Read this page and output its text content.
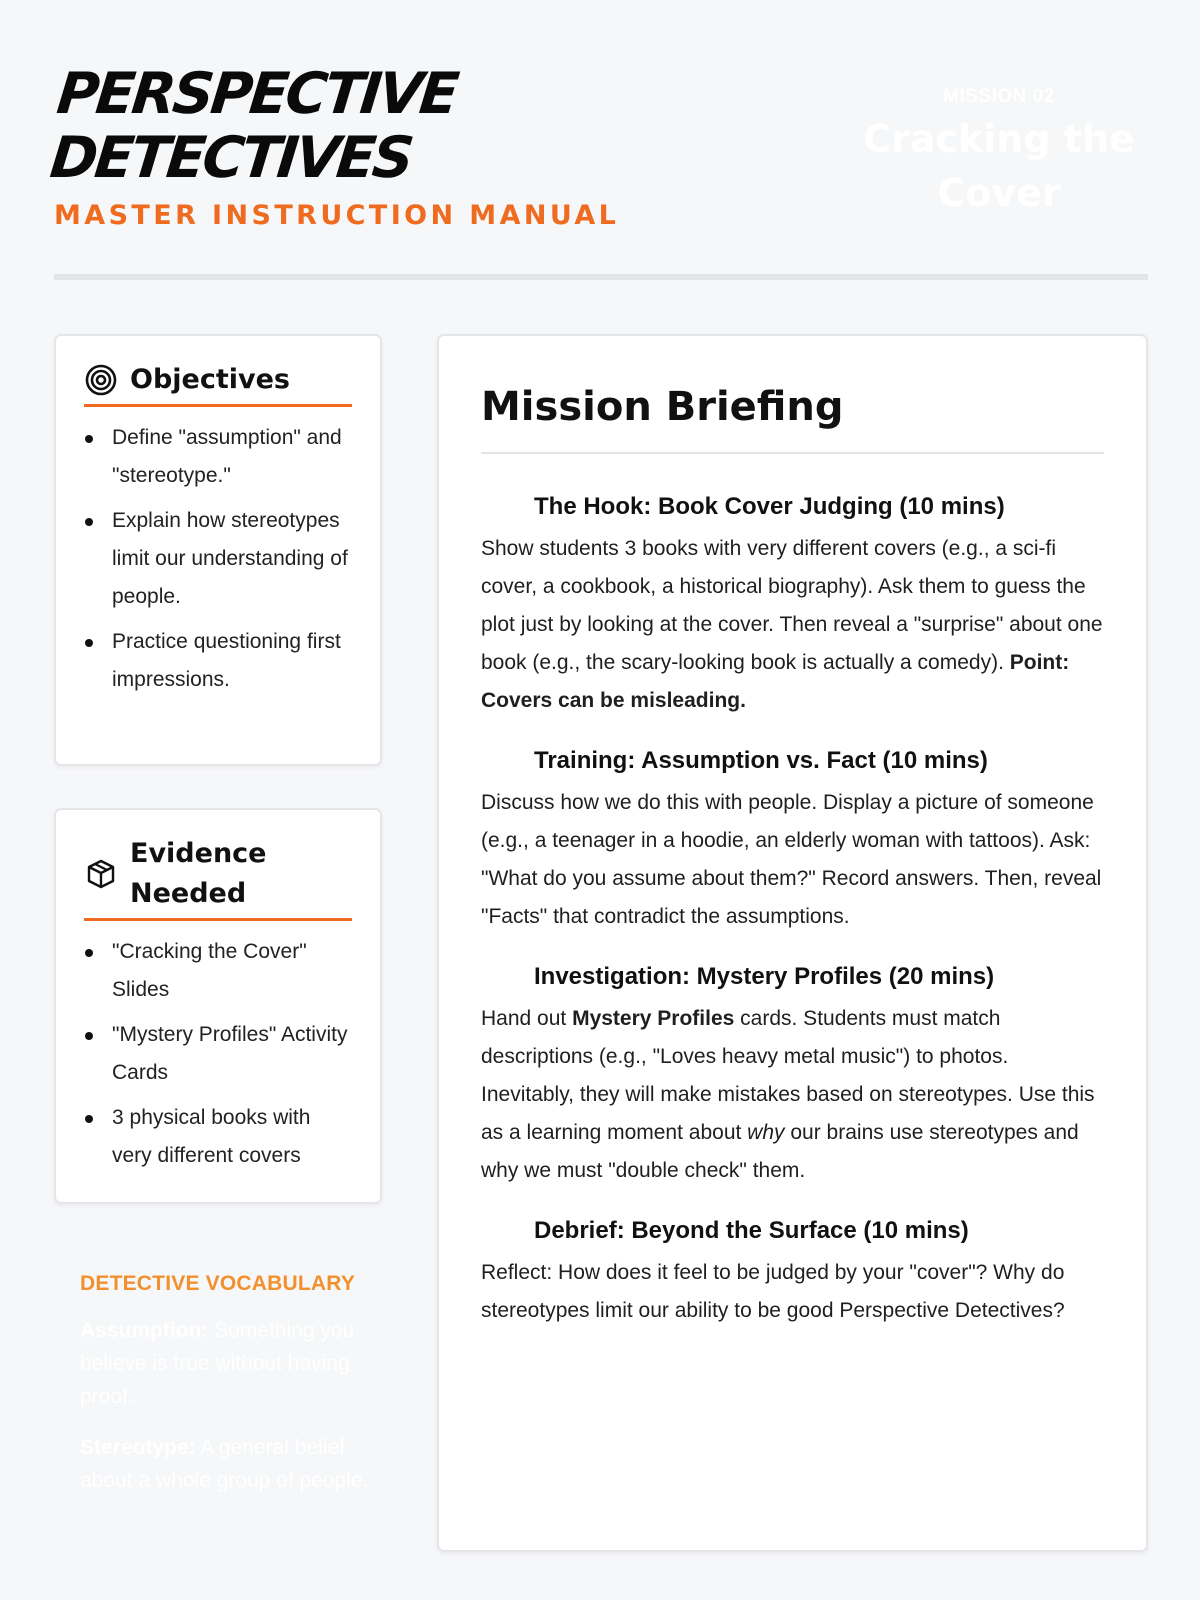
PERSPECTIVE
DETECTIVES
MASTER INSTRUCTION MANUAL
MISSION 02
Cracking the Cover
Objectives
Define "assumption" and "stereotype."
Explain how stereotypes limit our understanding of people.
Practice questioning first impressions.
Evidence Needed
"Cracking the Cover" Slides
"Mystery Profiles" Activity Cards
3 physical books with very different covers
DETECTIVE VOCABULARY
Assumption: Something you believe is true without having proof.
Stereotype: A general belief about a whole group of people.
Mission Briefing
The Hook: Book Cover Judging (10 mins)
Show students 3 books with very different covers (e.g., a sci-fi cover, a cookbook, a historical biography). Ask them to guess the plot just by looking at the cover. Then reveal a "surprise" about one book (e.g., the scary-looking book is actually a comedy). Point: Covers can be misleading.
Training: Assumption vs. Fact (10 mins)
Discuss how we do this with people. Display a picture of someone (e.g., a teenager in a hoodie, an elderly woman with tattoos). Ask: "What do you assume about them?" Record answers. Then, reveal "Facts" that contradict the assumptions.
Investigation: Mystery Profiles (20 mins)
Hand out Mystery Profiles cards. Students must match descriptions (e.g., "Loves heavy metal music") to photos. Inevitably, they will make mistakes based on stereotypes. Use this as a learning moment about why our brains use stereotypes and why we must "double check" them.
Debrief: Beyond the Surface (10 mins)
Reflect: How does it feel to be judged by your "cover"? Why do stereotypes limit our ability to be good Perspective Detectives?
